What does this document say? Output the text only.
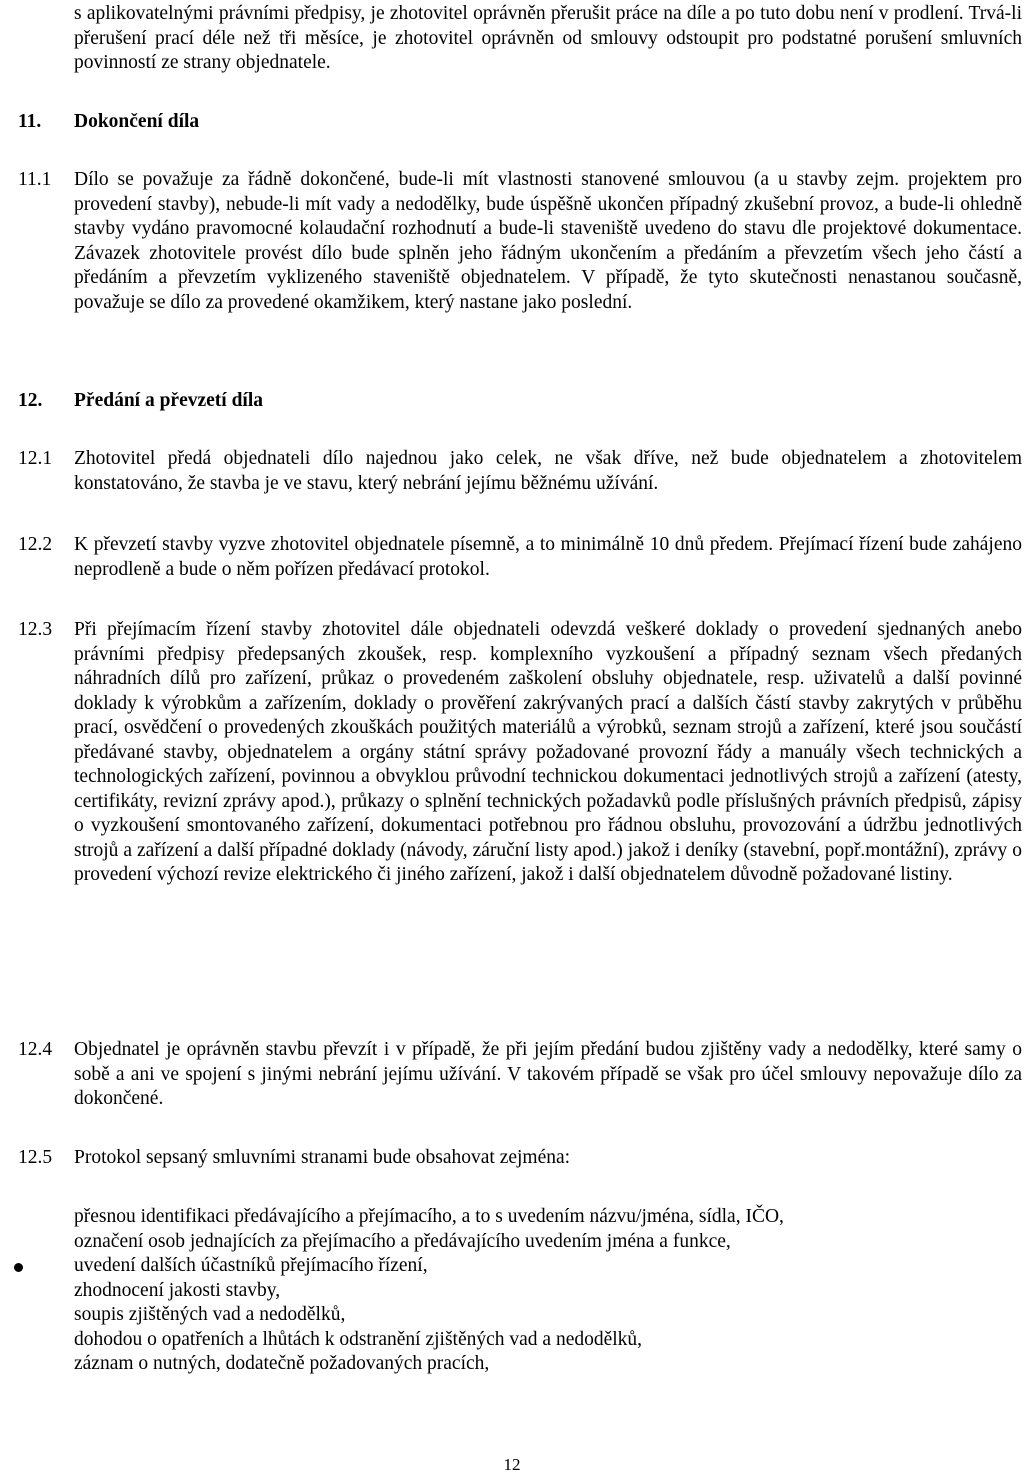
s aplikovatelnými právními předpisy, je zhotovitel oprávněn přerušit práce na díle a po tuto dobu není v prodlení. Trvá-li přerušení prací déle než tři měsíce, je zhotovitel oprávněn od smlouvy odstoupit pro podstatné porušení smluvních povinností ze strany objednatele.
11.	Dokončení díla
11.1	Dílo se považuje za řádně dokončené, bude-li mít vlastnosti stanovené smlouvou (a u stavby zejm. projektem pro provedení stavby), nebude-li mít vady a nedodělky, bude úspěšně ukončen případný zkušební provoz, a bude-li ohledně stavby vydáno pravomocné kolaudační rozhodnutí a bude-li staveniště uvedeno do stavu dle projektové dokumentace. Závazek zhotovitele provést dílo bude splněn jeho řádným ukončením a předáním a převzetím všech jeho částí a předáním a převzetím vyklizeného staveniště objednatelem. V případě, že tyto skutečnosti nenastanou současně, považuje se dílo za provedené okamžikem, který nastane jako poslední.
12.	Předání a převzetí díla
12.1	Zhotovitel předá objednateli dílo najednou jako celek, ne však dříve, než bude objednatelem a zhotovitelem konstatováno, že stavba je ve stavu, který nebrání jejímu běžnému užívání.
12.2	K převzetí stavby vyzve zhotovitel objednatele písemně, a to minimálně 10 dnů předem. Přejímací řízení bude zahájeno neprodleně a bude o něm pořízen předávací protokol.
12.3	Při přejímacím řízení stavby zhotovitel dále objednateli odevzdá veškeré doklady o provedení sjednaných anebo právními předpisy předepsaných zkoušek, resp. komplexního vyzkoušení a případný seznam všech předaných náhradních dílů pro zařízení, průkaz o provedeném zaškolení obsluhy objednatele, resp. uživatelů a další povinné doklady k výrobkům a zařízením, doklady o prověření zakrývaných prací a dalších částí stavby zakrytých v průběhu prací, osvědčení o provedených zkouškách použitých materiálů a výrobků, seznam strojů a zařízení, které jsou součástí předávané stavby, objednatelem a orgány státní správy požadované provozní řády a manuály všech technických a technologických zařízení, povinnou a obvyklou průvodní technickou dokumentaci jednotlivých strojů a zařízení (atesty, certifikáty, revizní zprávy apod.), průkazy o splnění technických požadavků podle příslušných právních předpisů, zápisy o vyzkoušení smontovaného zařízení, dokumentaci potřebnou pro řádnou obsluhu, provozování a údržbu jednotlivých strojů a zařízení a další případné doklady (návody, záruční listy apod.) jakož i deníky (stavební, popř.montážní), zprávy o provedení výchozí revize elektrického či jiného zařízení, jakož i další objednatelem důvodně požadované listiny.
12.4	Objednatel je oprávněn stavbu převzít i v případě, že při jejím předání budou zjištěny vady a nedodělky, které samy o sobě a ani ve spojení s jinými nebrání jejímu užívání. V takovém případě se však pro účel smlouvy nepovažuje dílo za dokončené.
12.5	Protokol sepsaný smluvními stranami bude obsahovat zejména:
přesnou identifikaci předávajícího a přejímacího, a to s uvedením názvu/jména, sídla, IČO,
označení osob jednajících za přejímacího a předávajícího uvedením jména a funkce,
uvedení dalších účastníků přejímacího řízení,
zhodnocení jakosti stavby,
soupis zjištěných vad a nedodělků,
dohodou o opatřeních a lhůtách k odstranění zjištěných vad a nedodělků,
záznam o nutných, dodatečně požadovaných pracích,
12
